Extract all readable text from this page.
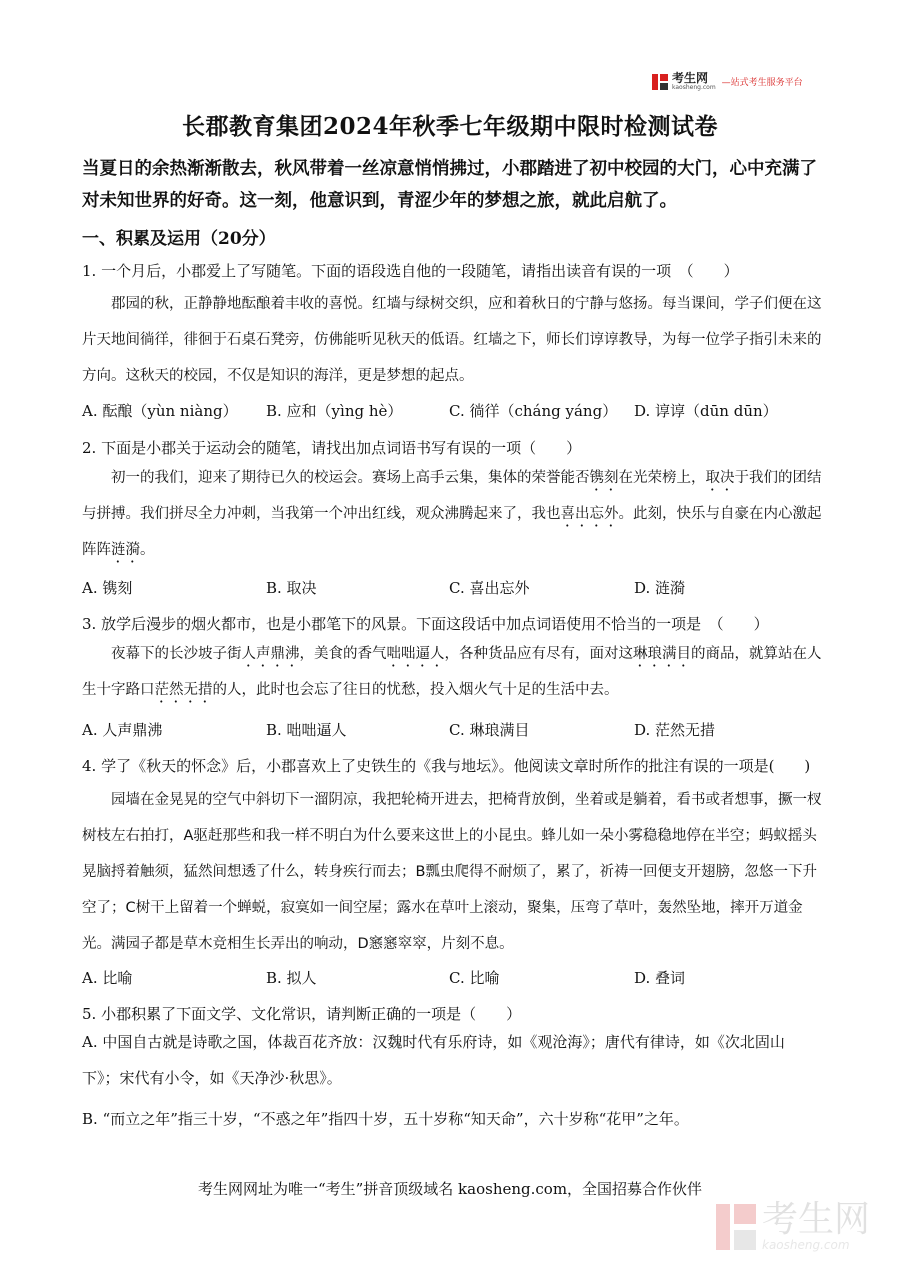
考生网
kaosheng.com —站式考生服务平台
长郡教育集团2024年秋季七年级期中限时检测试卷
当夏日的余热渐渐散去，秋风带着一丝凉意悄悄拂过，小郡踏进了初中校园的大门，心中充满了对未知世界的好奇。这一刻，他意识到，青涩少年的梦想之旅，就此启航了。
一、积累及运用（20分）
1. 一个月后，小郡爱上了写随笔。下面的语段选自他的一段随笔，请指出读音有误的一项　（　　）
郡园的秋，正静静地酝酿着丰收的喜悦。红墙与绿树交织，应和着秋日的宁静与悠扬。每当课间，学子们便在这片天地间徜徉，徘徊于石桌石凳旁，仿佛能听见秋天的低语。红墙之下，师长们谆谆教导，为每一位学子指引未来的方向。这秋天的校园，不仅是知识的海洋，更是梦想的起点。
A. 酝酿（yùn niàng） B. 应和（yìng hè）	C. 徜徉（cháng yáng） D. 谆谆（dūn dūn）
2. 下面是小郡关于运动会的随笔，请找出加点词语书写有误的一项（　　）
初一的我们，迎来了期待已久的校运会。赛场上高手云集，集体的荣誉能否镌刻在光荣榜上，取决于我们的团结与拼搏。我们拼尽全力冲刺，当我第一个冲出红线，观众沸腾起来了，我也喜出忘外。此刻，快乐与自豪在内心激起阵阵涟漪。
A. 镌刻	B. 取决	C. 喜出忘外	D. 涟漪
3. 放学后漫步的烟火都市，也是小郡笔下的风景。下面这段话中加点词语使用不恰当的一项是　（　　）
夜幕下的长沙坡子街人声鼎沸，美食的香气咄咄逼人，各种货品应有尽有，面对这琳琅满目的商品，就算站在人生十字路口茫然无措的人，此时也会忘了往日的忧愁，投入烟火气十足的生活中去。
A. 人声鼎沸	B. 咄咄逼人	C. 琳琅满目	D. 茫然无措
4. 学了《秋天的怀念》后，小郡喜欢上了史铁生的《我与地坛》。他阅读文章时所作的批注有误的一项是(　　)
园墙在金晃晃的空气中斜切下一溜阴凉，我把轮椅开进去，把椅背放倒，坐着或是躺着，看书或者想事，撅一杈树枝左右拍打，A驱赶那些和我一样不明白为什么要来这世上的小昆虫。蜂儿如一朵小雾稳稳地停在半空；蚂蚁摇头晃脑捋着触须，猛然间想透了什么，转身疾行而去；B瓢虫爬得不耐烦了，累了，祈祷一回便支开翅膀，忽悠一下升空了；C树干上留着一个蝉蜕，寂寞如一间空屋；露水在草叶上滚动，聚集，压弯了草叶，轰然坠地，摔开万道金光。满园子都是草木竞相生长弄出的响动，D窸窸窣窣，片刻不息。
A. 比喻	B. 拟人	C. 比喻	D. 叠词
5. 小郡积累了下面文学、文化常识，请判断正确的一项是（　　）
A. 中国自古就是诗歌之国，体裁百花齐放：汉魏时代有乐府诗，如《观沧海》；唐代有律诗，如《次北固山下》；宋代有小令，如《天净沙·秋思》。
B. “而立之年”指三十岁，“不惑之年”指四十岁，五十岁称“知天命”，六十岁称“花甲”之年。
考生网网址为唯一“考生”拼音顶级域名 kaosheng.com，全国招募合作伙伴
考生网
kaosheng.com
